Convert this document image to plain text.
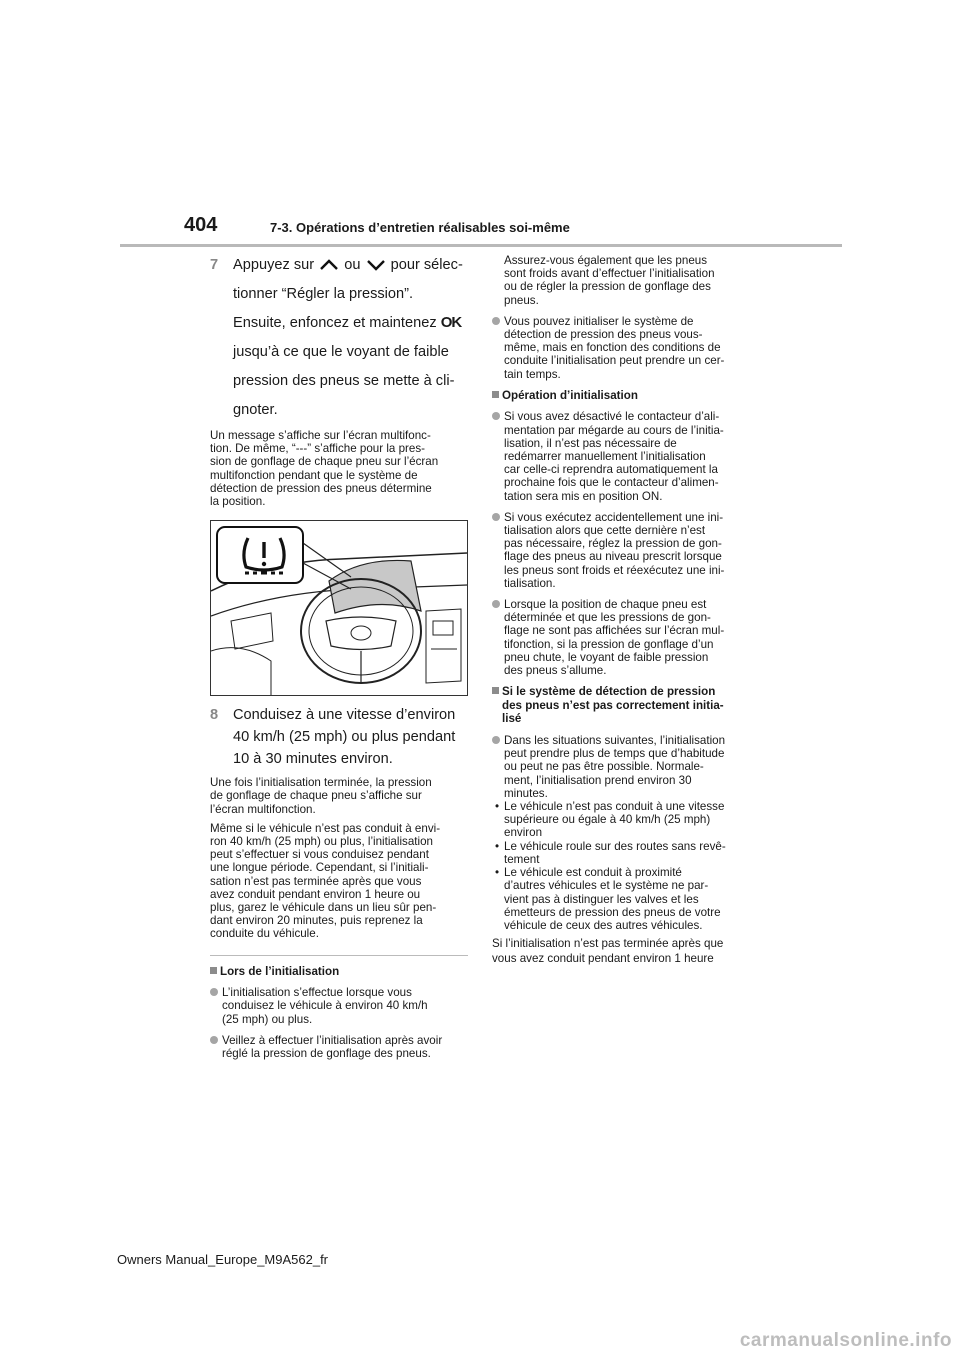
404	7-3. Opérations d’entretien réalisables soi-même
7 Appuyez sur ou pour sélec-

tionner “Régler la pression”.

Ensuite, enfoncez et maintenez OK

jusqu’à ce que le voyant de faible

pression des pneus se mette à cli-

gnoter.

Un message s’affiche sur l’écran multifonc-
tion. De même, “---” s’affiche pour la pres-
sion de gonflage de chaque pneu sur l’écran
multifonction pendant que le système de
détection de pression des pneus détermine
la position.

8 Conduisez à une vitesse d’environ

40 km/h (25 mph) ou plus pendant

10 à 30 minutes environ.

Une fois l’initialisation terminée, la pression
de gonflage de chaque pneu s’affiche sur
l’écran multifonction.

Même si le véhicule n’est pas conduit à envi-
ron 40 km/h (25 mph) ou plus, l’initialisation
peut s’effectuer si vous conduisez pendant
une longue période. Cependant, si l’initiali-
sation n’est pas terminée après que vous
avez conduit pendant environ 1 heure ou
plus, garez le véhicule dans un lieu sûr pen-
dant environ 20 minutes, puis reprenez la
conduite du véhicule.

Lors de l’initialisation
L’initialisation s’effectue lorsque vous
conduisez le véhicule à environ 40 km/h
(25 mph) ou plus.
Veillez à effectuer l’initialisation après avoir
réglé la pression de gonflage des pneus.

Assurez-vous également que les pneus
sont froids avant d’effectuer l’initialisation
ou de régler la pression de gonflage des
pneus.

Vous pouvez initialiser le système de
détection de pression des pneus vous-
même, mais en fonction des conditions de
conduite l’initialisation peut prendre un cer-
tain temps.
Opération d’initialisation
Si vous avez désactivé le contacteur d’ali-
mentation par mégarde au cours de l’initia-
lisation, il n’est pas nécessaire de
redémarrer manuellement l’initialisation
car celle-ci reprendra automatiquement la
prochaine fois que le contacteur d’alimen-
tation sera mis en position ON.
Si vous exécutez accidentellement une ini-
tialisation alors que cette dernière n’est
pas nécessaire, réglez la pression de gon-
flage des pneus au niveau prescrit lorsque
les pneus sont froids et réexécutez une ini-
tialisation.
Lorsque la position de chaque pneu est
déterminée et que les pressions de gon-
flage ne sont pas affichées sur l’écran mul-
tifonction, si la pression de gonflage d’un
pneu chute, le voyant de faible pression
des pneus s’allume.
Si le système de détection de pression
des pneus n’est pas correctement initia-
lisé
Dans les situations suivantes, l’initialisation
peut prendre plus de temps que d’habitude
ou peut ne pas être possible. Normale-
ment, l’initialisation prend environ 30
minutes.
• Le véhicule n’est pas conduit à une vitesse
supérieure ou égale à 40 km/h (25 mph)
environ
• Le véhicule roule sur des routes sans revê-
tement
• Le véhicule est conduit à proximité
d’autres véhicules et le système ne par-
vient pas à distinguer les valves et les
émetteurs de pression des pneus de votre
véhicule de ceux des autres véhicules.

Si l’initialisation n’est pas terminée après que
vous avez conduit pendant environ 1 heure

Owners Manual_Europe_M9A562_fr
carmanualsonline.info
